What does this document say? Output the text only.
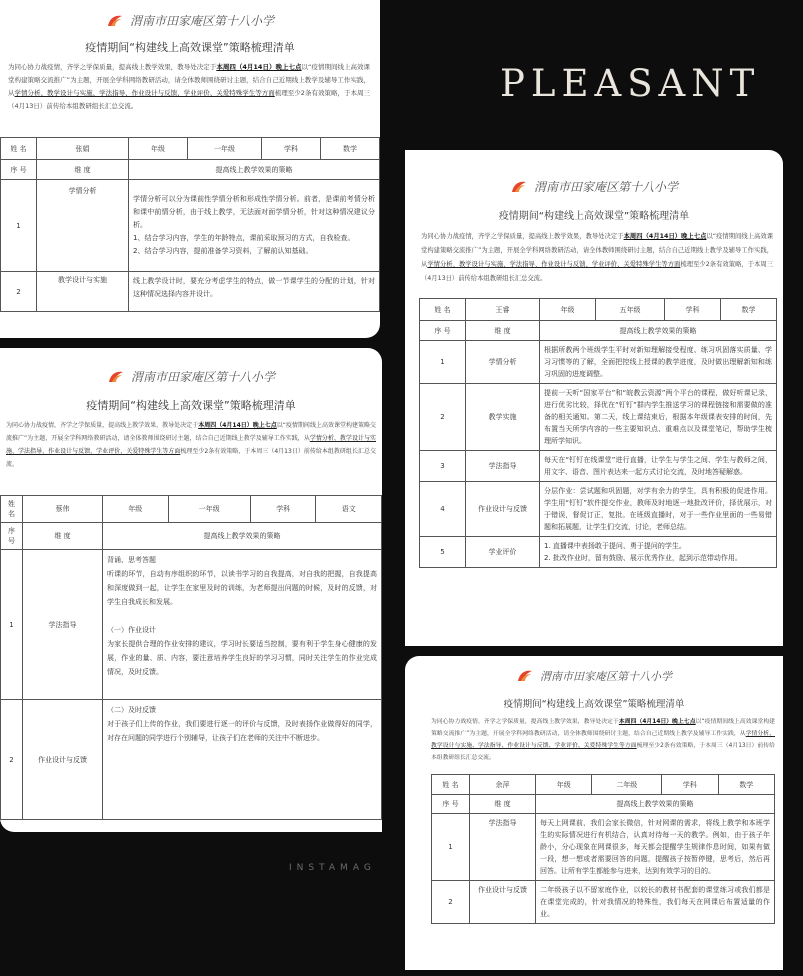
PLEASANT
INSTAMAG
渭南市田家庵区第十八小学
疫情期间“构建线上高效课堂”策略梳理清单
为同心协力战疫情，齐学之学保质量，提高线上教学效果，教导处决定于本周四（4月14日）晚上七点以“疫情期间线上高效课堂构建策略交流推广”为主题，开展全学科网络教研活动，请全体教师围绕研讨主题，结合自己近期线上教学及辅导工作实践，从学情分析、教学设计与实施、学法指导、作业设计与反馈、学业评价、关爱特殊学生等方面梳理至少2条有效策略，于本周三（4月13日）前传给本组教研组长汇总交流。
姓 名	张娟	年级	一年级	学科	数学
序 号	维 度	提高线上教学效果的策略			
1	学情分析	学情分析可以分为课前性学情分析和形成性学情分析。前者，是课前考情分析和课中前情分析，由于线上教学，无法面对面学情分析，针对这种情况建议分析。
1、结合学习内容，学生的年龄特点，课前采取预习的方式，自我检查。
2、结合学习内容，提前准备学习资料，了解前认知基础。			
2	教学设计与实施	线上教学设计时，要充分考虑学生的特点，做一节课学生的分配的计划，针对这种情况选择内容并设计。			
渭南市田家庵区第十八小学
疫情期间“构建线上高效课堂”策略梳理清单
为同心协力战疫情，齐学之学保质量，提高线上教学效果，教导处决定于本周四（4月14日）晚上七点以“疫情期间线上高效课堂构建策略交流推广”为主题，开展全学科网络教研活动，请全体教师围绕研讨主题，结合自己近期线上教学及辅导工作实践，从学情分析、教学设计与实施、学法指导、作业设计与反馈、学业评价、关爱特殊学生等方面梳理至少2条有效策略，于本周三（4月13日）前传给本组教研组长汇总交流。
姓 名	蔡伟	年级	一年级	学科	语文
序 号	维 度	提高线上教学效果的策略			
1	学法指导	背诵、思考答题
听课的环节，自动有序组织的环节，以读书学习的自我提高，对自我的把握，自我提高和深度做到一起，让学生在家里及时的训练，为老师提出问题的时候，及时的反馈，对学生自我成长和发展。

（一）作业设计
为家长提供合理的作业安排的建议，学习时长要适当控制，要有利于学生身心健康的发展，作业的量、质、内容，要注意培养学生良好的学习习惯，同时关注学生的作业完成情况，及时反馈。			
2	作业设计与反馈	（二）及时反馈
对于孩子们上传的作业，我们要进行逐一的评价与反馈，及时表扬作业做得好的同学，对存在问题的同学进行个别辅导，让孩子们在老师的关注中不断进步。			
渭南市田家庵区第十八小学
疫情期间“构建线上高效课堂”策略梳理清单
为同心协力战疫情，齐学之学保质量，提高线上教学效果，教导处决定于本周四（4月14日）晚上七点以“疫情期间线上高效课堂构建策略交流推广”为主题，开展全学科网络教研活动，请全体教师围绕研讨主题，结合自己近期线上教学及辅导工作实践，从学情分析、教学设计与实施、学法指导、作业设计与反馈、学业评价、关爱特殊学生等方面梳理至少2条有效策略，于本周三（4月13日）前传给本组教研组长汇总交流。
姓 名	王睿	年级	五年级	学科	数学
序 号	维 度	提高线上教学效果的策略			
1	学情分析	根据所教两个班级学生平时对新知理解接受程度、练习巩固落实质量、学习习惯等的了解，全面把控线上授课的教学进度，及时做出理解新知和练习巩固的进度调整。			
2	教学实施	提前一天听“国家平台”和“皖教云资源”两个平台的课程，做好听课记录，进行优劣比较，择优在“钉钉”群内学生推送学习的课程链接和需要做的准备的相关通知。第二天，线上课结束后，根据本年级课表安排的时间，先布置当天所学内容的一些主要知识点、重难点以及课堂笔记，帮助学生梳理所学知识。			
3	学法指导	每天在“钉钉在线课堂”进行直播，让学生与学生之间、学生与教师之间，用文字、语音、图片表达来一起方式讨论交流，及时地答疑解惑。			
4	作业设计与反馈	分层作业：尝试题和巩固题，对学有余力的学生，具有积极的促进作用。学生用“钉钉”软件提交作业，教师及时地逐一地批改评价，择优展示，对于错误，督促订正，复批。在班级直播时，对于一些作业里面的一些易错题和拓展题，让学生们交流，讨论，老师总结。			
5	学业评价	1. 直播课中表扬敢于提问、勇于提问的学生。
2. 批改作业时，留有鼓励、展示优秀作业，起到示范带动作用。			
渭南市田家庵区第十八小学
疫情期间“构建线上高效课堂”策略梳理清单
为同心协力战疫情，齐学之学保质量，提高线上教学效果，教导处决定于本周四（4月14日）晚上七点以“疫情期间线上高效课堂构建策略交流推广”为主题，开展全学科网络教研活动，请全体教师围绕研讨主题，结合自己近期线上教学及辅导工作实践，从学情分析、教学设计与实施、学法指导、作业设计与反馈、学业评价、关爱特殊学生等方面梳理至少2条有效策略，于本周三（4月13日）前传给本组教研组长汇总交流。
姓 名	余萍	年级	二年级	学科	数学
序 号	维 度	提高线上教学效果的策略			
1	学法指导	每天上网课前，我们会家长微信，针对网课的需求，将线上教学和本班学生的实际情况进行有机结合，认真对待每一天的教学。例如，由于孩子年龄小，分心现象在网课很多，每天都会提醒学生规律作息时间，如果有做一段，想一想或者需要回答的问题，提醒孩子按暂停键，思考后，然后再回答。让所有学生都能参与进来，达到有效学习的目的。			
2	作业设计与反馈	二年级孩子以不留家庭作业，以较长的教材书配套的课堂练习或我们都是在课堂完成的，针对我情况的特殊性，我们每天在网课后布置适量的作业。			
